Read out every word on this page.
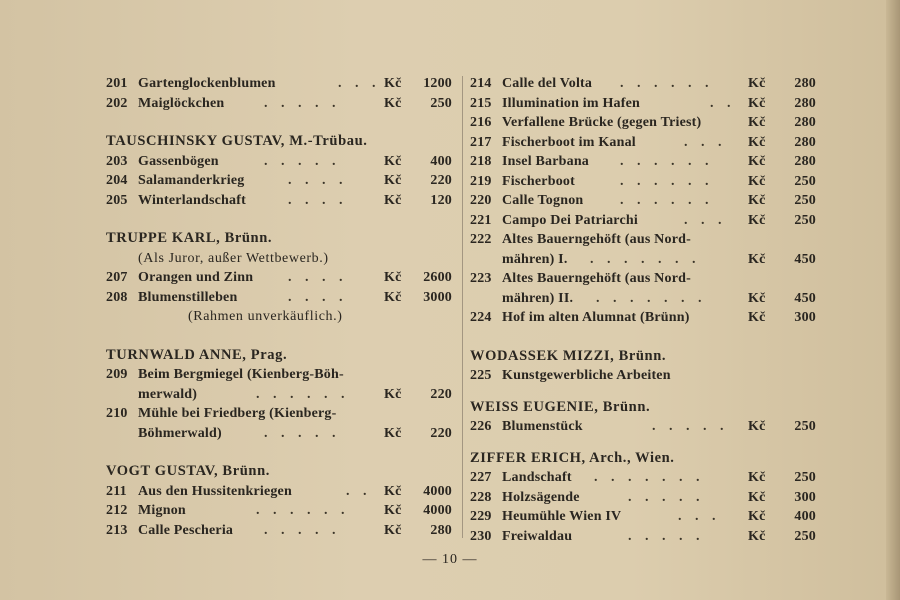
201 Gartenglockenblumen	. . . Kč	1200
202 Maiglöckchen	. . . . .	Kč	250
TAUSCHINSKY GUSTAV, M.-Trübau.
203 Gassenbögen	. . . . .	Kč	400
204 Salamanderkrieg	. . . .	Kč	220
205 Winterlandschaft	. . . .	Kč	120
TRUPPE KARL, Brünn.
(Als Juror, außer Wettbewerb.)
207 Orangen und Zinn . . . .	Kč	2600
208 Blumenstilleben	. . . .	Kč	3000
(Rahmen unverkäuflich.)
TURNWALD ANNE, Prag.
209 Beim Bergmiegel (Kienberg-Böh-
merwald)	. . . . . . Kč	220
210 Mühle bei Friedberg (Kienberg-
Böhmerwald)	. . . . .	Kč	220
VOGT GUSTAV, Brünn.
211 Aus den Hussitenkriegen	. . Kč	4000
212 Mignon	. . . . . . Kč	4000
213 Calle Pescheria . . . . .	Kč	280
214 Calle del Volta . . . . . . Kč	280
215 Illumination im Hafen	. . Kč	280
216 Verfallene Brücke (gegen Triest)	Kč	280
217 Fischerboot im Kanal	. . . Kč	280
218 Insel Barbana . . . . . . Kč	280
219 Fischerboot	. . . . . . Kč	250
220 Calle Tognon	. . . . . . Kč	250
221 Campo Dei Patriarchi	. . . Kč	250
222 Altes Bauerngehöft (aus Nord-
mähren) I. . . . . . . .	Kč	450
223 Altes Bauerngehöft (aus Nord-
mähren) II. . . . . . . .	Kč	450
224 Hof im alten Alumnat (Brünn)	Kč	300
WODASSEK MIZZI, Brünn.
225 Kunstgewerbliche Arbeiten
WEISS EUGENIE, Brünn.
226 Blumenstück	. . . . . Kč	250
ZIFFER ERICH, Arch., Wien.
227 Landschaft . . . . . . .	Kč	250
228 Holzsägende	. . . . .	Kč	300
229 Heumühle Wien IV	. . . Kč	400
230 Freiwaldau	. . . . .	Kč	250
— 10 —
